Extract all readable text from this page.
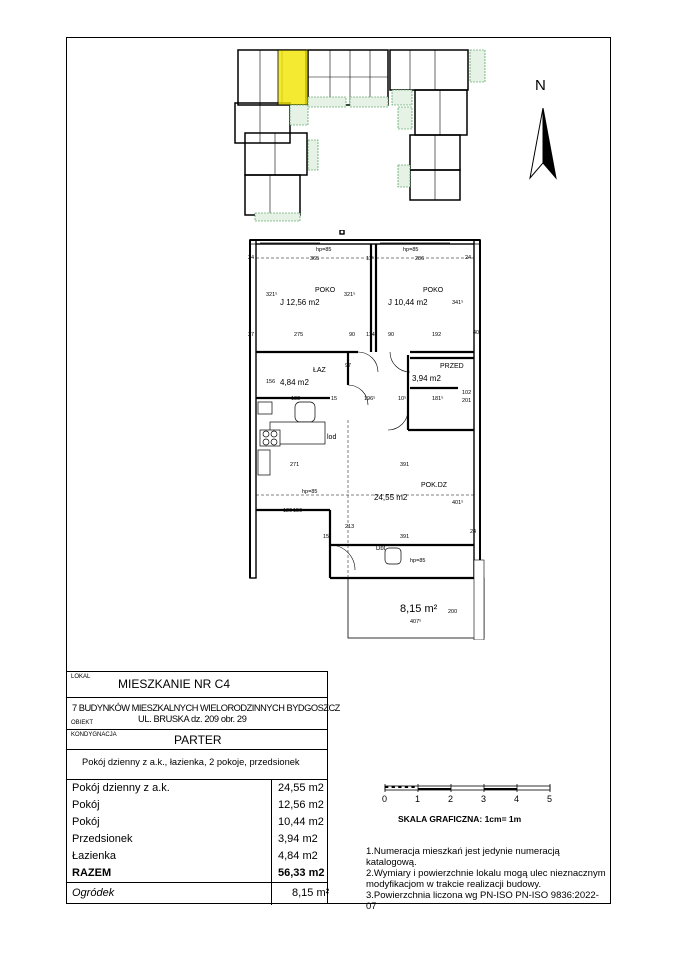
N
hp=85	hp=85
POKO
J 12,56 m2
POKO
J 10,44 m2
ŁAZ
4,84 m2
PRZED
3,94 m2
lod
hp=85
POK.DZ
24,55 m2
Dbt
hp=85
8,15 m²
407⁵
200
24	365	11⁵	286	24
321⁵	321⁵
341⁵
27	275	90 114⁵ 90	192	40⁵
156
97
183	15	196⁵	10⁵	181⁵
102
201
271	391
120 150
213
391
401⁵
24
15
LOKAL MIESZKANIE NR C4
7 BUDYNKÓW MIESZKALNYCH WIELORODZINNYCH BYDGOSZCZ
UL. BRUSKA dz. 209 obr. 29
OBIEKT
KONDYGNACJA	PARTER
Pokój dzienny z a.k., łazienka, 2 pokoje, przedsionek
Pokój dzienny z a.k.	24,55 m2
Pokój	12,56 m2
Pokój	10,44 m2
Przedsionek	3,94 m2
Łazienka	4,84 m2
RAZEM	56,33 m2
Ogródek	8,15 m²
0	1	2	3	4	5
SKALA GRAFICZNA: 1cm= 1m
1.Numeracja mieszkań jest jedynie numeracją katalogową.
2.Wymiary i powierzchnie lokalu mogą ulec nieznacznym modyfikacjom w trakcie realizacji budowy.
3.Powierzchnia liczona wg PN-ISO PN-ISO 9836:2022-07
